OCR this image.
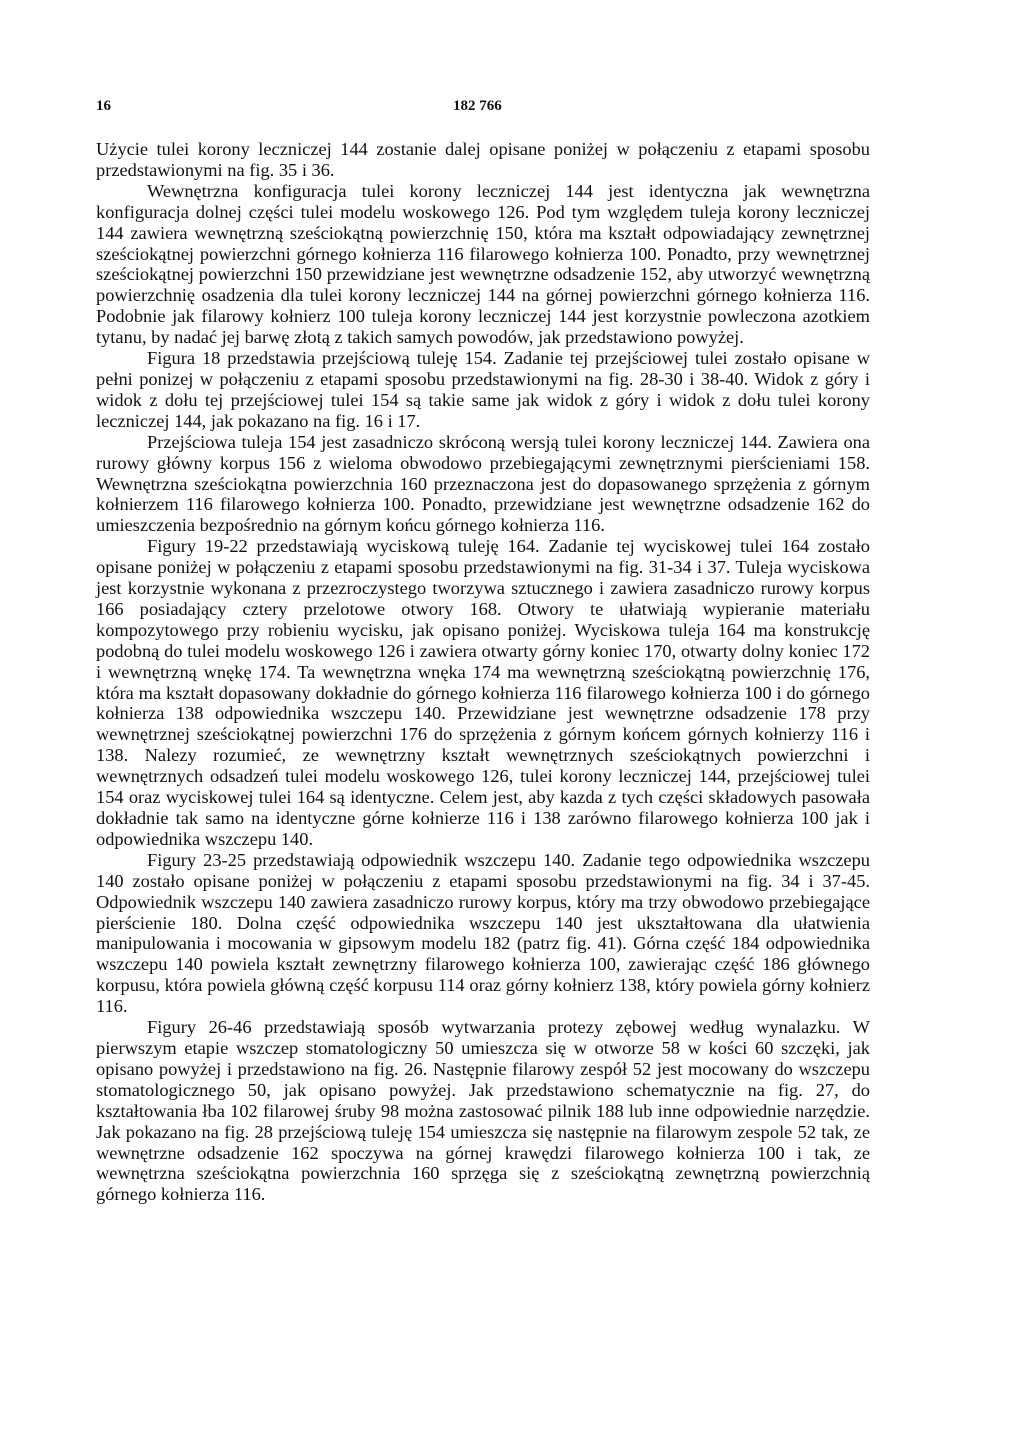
16	182 766

Użycie tulei korony leczniczej 144 zostanie dalej opisane poniżej w połączeniu z etapami sposobu przedstawionymi na fig. 35 i 36.

Wewnętrzna konfiguracja tulei korony leczniczej 144 jest identyczna jak wewnętrzna konfiguracja dolnej części tulei modelu woskowego 126. Pod tym względem tuleja korony leczniczej 144 zawiera wewnętrzną sześciokątną powierzchnię 150, która ma kształt odpowiadający zewnętrznej sześciokątnej powierzchni górnego kołnierza 116 filarowego kołnierza 100. Ponadto, przy wewnętrznej sześciokątnej powierzchni 150 przewidziane jest wewnętrzne odsadzenie 152, aby utworzyć wewnętrzną powierzchnię osadzenia dla tulei korony leczniczej 144 na górnej powierzchni górnego kołnierza 116. Podobnie jak filarowy kołnierz 100 tuleja korony leczniczej 144 jest korzystnie powleczona azotkiem tytanu, by nadać jej barwę złotą z takich samych powodów, jak przedstawiono powyżej.

Figura 18 przedstawia przejściową tuleję 154. Zadanie tej przejściowej tulei zostało opisane w pełni ponizej w połączeniu z etapami sposobu przedstawionymi na fig. 28-30 i 38-40. Widok z góry i widok z dołu tej przejściowej tulei 154 są takie same jak widok z góry i widok z dołu tulei korony leczniczej 144, jak pokazano na fig. 16 i 17.

Przejściowa tuleja 154 jest zasadniczo skróconą wersją tulei korony leczniczej 144. Zawiera ona rurowy główny korpus 156 z wieloma obwodowo przebiegającymi zewnętrznymi pierścieniami 158. Wewnętrzna sześciokątna powierzchnia 160 przeznaczona jest do dopasowanego sprzężenia z górnym kołnierzem 116 filarowego kołnierza 100. Ponadto, przewidziane jest wewnętrzne odsadzenie 162 do umieszczenia bezpośrednio na górnym końcu górnego kołnierza 116.

Figury 19-22 przedstawiają wyciskową tuleję 164. Zadanie tej wyciskowej tulei 164 zostało opisane poniżej w połączeniu z etapami sposobu przedstawionymi na fig. 31-34 i 37. Tuleja wyciskowa jest korzystnie wykonana z przezroczystego tworzywa sztucznego i zawiera zasadniczo rurowy korpus 166 posiadający cztery przelotowe otwory 168. Otwory te ułatwiają wypieranie materiału kompozytowego przy robieniu wycisku, jak opisano poniżej. Wyciskowa tuleja 164 ma konstrukcję podobną do tulei modelu woskowego 126 i zawiera otwarty górny koniec 170, otwarty dolny koniec 172 i wewnętrzną wnękę 174. Ta wewnętrzna wnęka 174 ma wewnętrzną sześciokątną powierzchnię 176, która ma kształt dopasowany dokładnie do górnego kołnierza 116 filarowego kołnierza 100 i do górnego kołnierza 138 odpowiednika wszczepu 140. Przewidziane jest wewnętrzne odsadzenie 178 przy wewnętrznej sześciokątnej powierzchni 176 do sprzężenia z górnym końcem górnych kołnierzy 116 i 138. Nalezy rozumieć, ze wewnętrzny kształt wewnętrznych sześciokątnych powierzchni i wewnętrznych odsadzeń tulei modelu woskowego 126, tulei korony leczniczej 144, przejściowej tulei 154 oraz wyciskowej tulei 164 są identyczne. Celem jest, aby kazda z tych części składowych pasowała dokładnie tak samo na identyczne górne kołnierze 116 i 138 zarówno filarowego kołnierza 100 jak i odpowiednika wszczepu 140.

Figury 23-25 przedstawiają odpowiednik wszczepu 140. Zadanie tego odpowiednika wszczepu 140 zostało opisane poniżej w połączeniu z etapami sposobu przedstawionymi na fig. 34 i 37-45. Odpowiednik wszczepu 140 zawiera zasadniczo rurowy korpus, który ma trzy obwodowo przebiegające pierścienie 180. Dolna część odpowiednika wszczepu 140 jest ukształtowana dla ułatwienia manipulowania i mocowania w gipsowym modelu 182 (patrz fig. 41). Górna część 184 odpowiednika wszczepu 140 powiela kształt zewnętrzny filarowego kołnierza 100, zawierając część 186 głównego korpusu, która powiela główną część korpusu 114 oraz górny kołnierz 138, który powiela górny kołnierz 116.

Figury 26-46 przedstawiają sposób wytwarzania protezy zębowej według wynalazku. W pierwszym etapie wszczep stomatologiczny 50 umieszcza się w otworze 58 w kości 60 szczęki, jak opisano powyżej i przedstawiono na fig. 26. Następnie filarowy zespół 52 jest mocowany do wszczepu stomatologicznego 50, jak opisano powyżej. Jak przedstawiono schematycznie na fig. 27, do kształtowania łba 102 filarowej śruby 98 można zastosować pilnik 188 lub inne odpowiednie narzędzie. Jak pokazano na fig. 28 przejściową tuleję 154 umieszcza się następnie na filarowym zespole 52 tak, ze wewnętrzne odsadzenie 162 spoczywa na górnej krawędzi filarowego kołnierza 100 i tak, ze wewnętrzna sześciokątna powierzchnia 160 sprzęga się z sześciokątną zewnętrzną powierzchnią górnego kołnierza 116.
